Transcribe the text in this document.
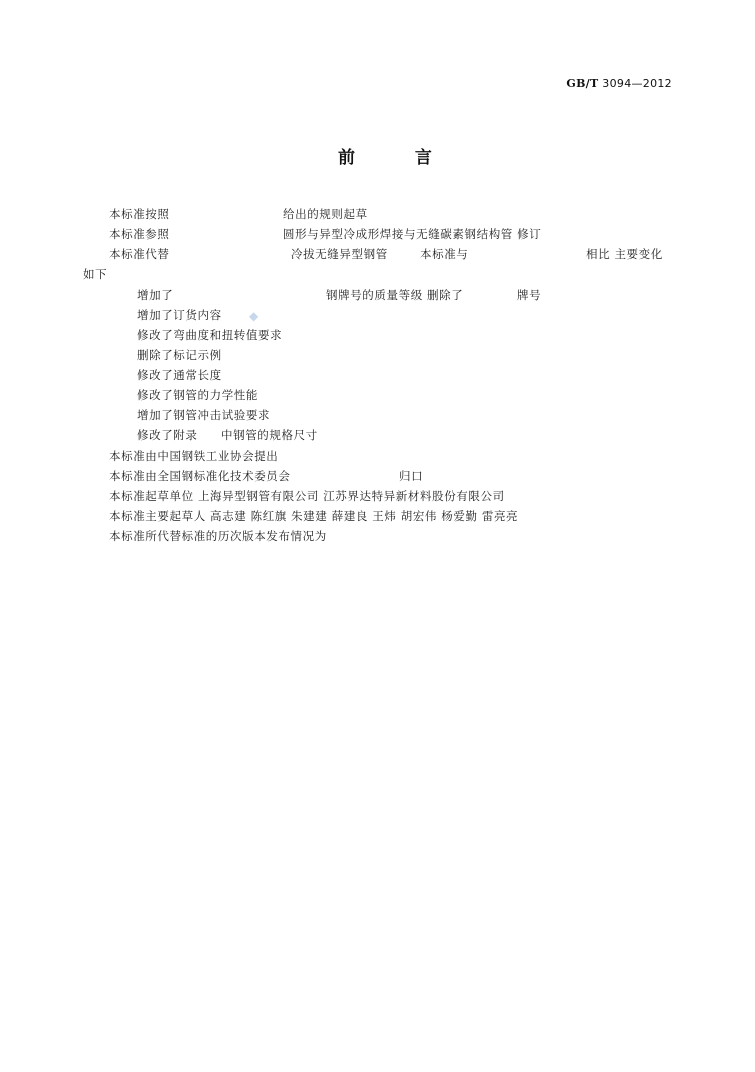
GB/T 3094—2012
前 言
本标准按照	给出的规则起草
本标准参照	圆形与异型冷成形焊接与无缝碳素钢结构管 修订
本标准代替	冷拔无缝异型钢管	本标准与	相比 主要变化
如下
增加了	钢牌号的质量等级 删除了	牌号
增加了订货内容 ◆
修改了弯曲度和扭转值要求
删除了标记示例
修改了通常长度
修改了钢管的力学性能
增加了钢管冲击试验要求
修改了附录 中钢管的规格尺寸
本标准由中国钢铁工业协会提出
本标准由全国钢标准化技术委员会	归口
本标准起草单位 上海异型钢管有限公司 江苏界达特异新材料股份有限公司
本标准主要起草人 高志建 陈红旗 朱建建 薛建良 王炜 胡宏伟 杨爱勤 雷亮亮
本标准所代替标准的历次版本发布情况为
